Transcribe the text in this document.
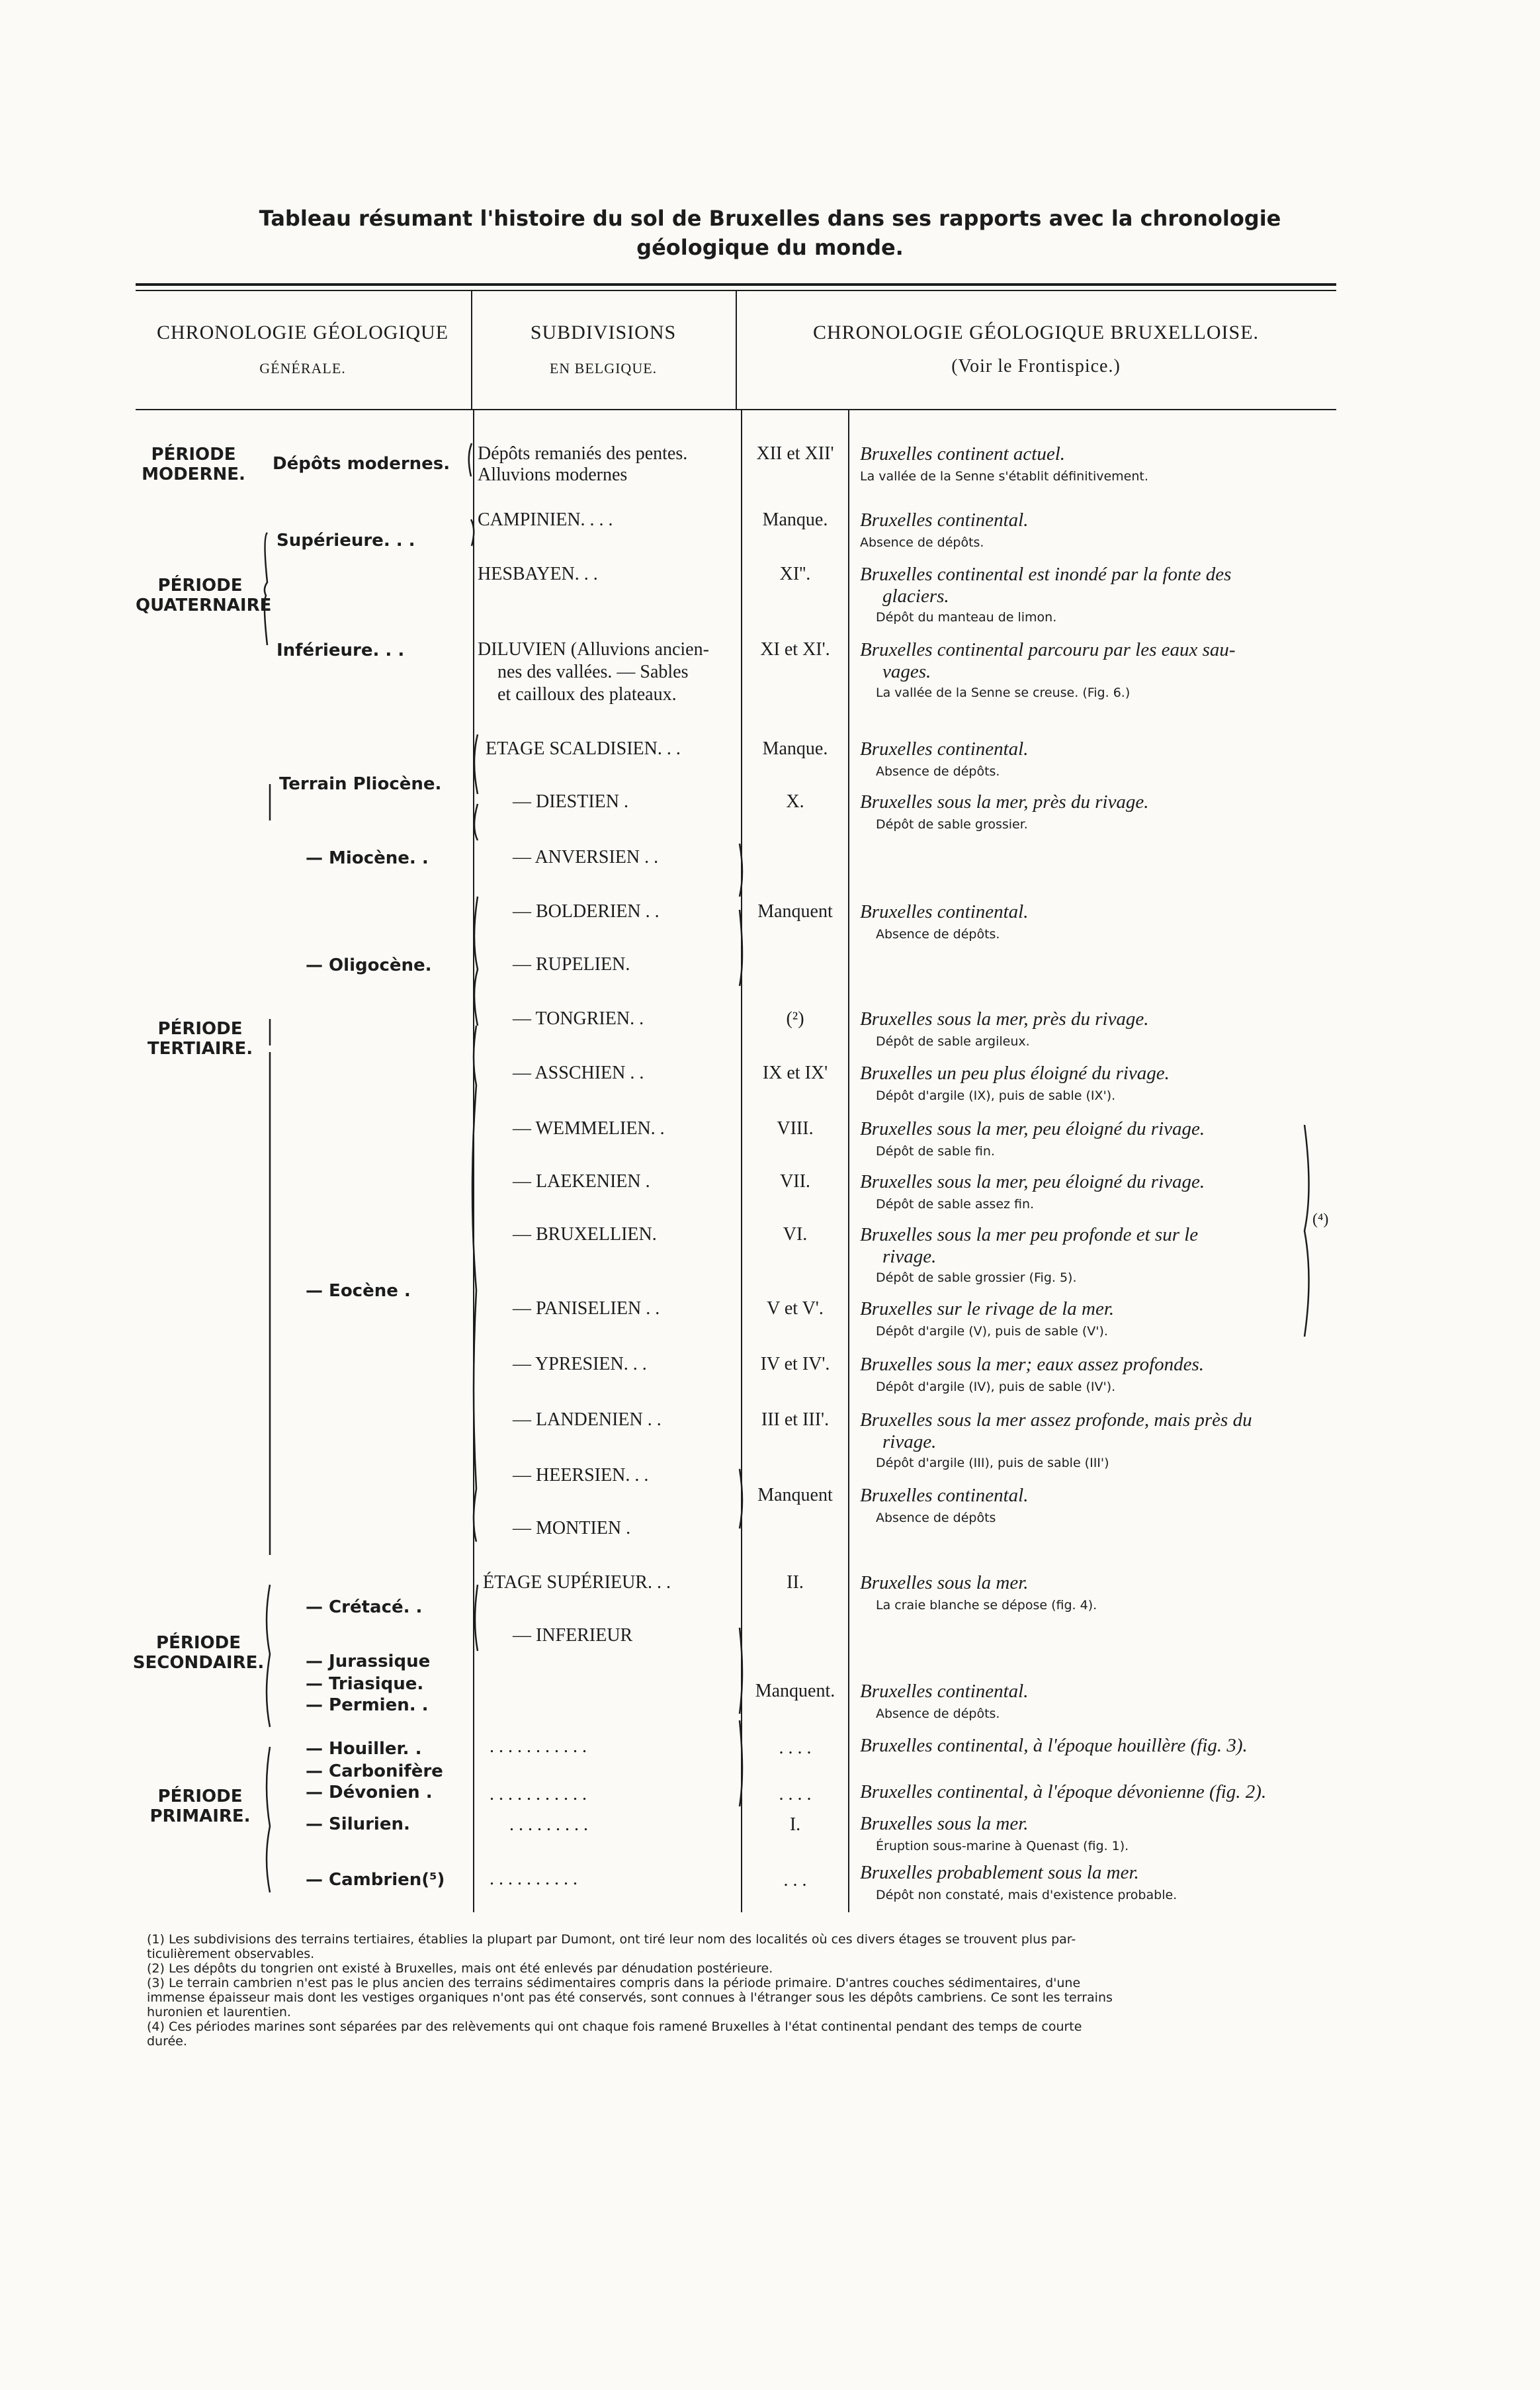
Tableau résumant l'histoire du sol de Bruxelles dans ses rapports avec la chronologie
géologique du monde.
CHRONOLOGIE GÉOLOGIQUE
GÉNÉRALE.
SUBDIVISIONS
EN BELGIQUE.
CHRONOLOGIE GÉOLOGIQUE BRUXELLOISE.
(Voir le Frontispice.)
PÉRIODE
MODERNE.
PÉRIODE
QUATERNAIRE
PÉRIODE
TERTIAIRE.
PÉRIODE
SECONDAIRE.
PÉRIODE
PRIMAIRE.
Dépôts modernes.
Supérieure. . .
Inférieure. . .
Terrain Pliocène.
— Miocène. .
— Oligocène.
— Eocène .
— Crétacé. .
— Jurassique
— Triasique.
— Permien. .
— Houiller. .
— Carbonifère
— Dévonien .
— Silurien.
— Cambrien(⁵)
Dépôts remaniés des pentes.
Alluvions modernes
CAMPINIEN. . . .
HESBAYEN. . .
DILUVIEN (Alluvions ancien-
nes des vallées. — Sables
et cailloux des plateaux.
ETAGE SCALDISIEN. . .
— DIESTIEN .
— ANVERSIEN . .
— BOLDERIEN . .
— RUPELIEN.
— TONGRIEN. .
— ASSCHIEN . .
— WEMMELIEN. .
— LAEKENIEN .
— BRUXELLIEN.
— PANISELIEN . .
— YPRESIEN. . .
— LANDENIEN . .
— HEERSIEN. . .
— MONTIEN .
ÉTAGE SUPÉRIEUR. . .
— INFERIEUR
. . . . . . . . . . .
. . . . . . . . . . .
. . . . . . . . .
. . . . . . . . . .
XII et XII'
Manque.
XI''.
XI et XI'.
Manque.
X.
Manquent
(²)
IX et IX'
VIII.
VII.
VI.
V et V'.
IV et IV'.
III et III'.
Manquent
II.
Manquent.
. . . .
. . . .
I.
. . .
Bruxelles continent actuel.
La vallée de la Senne s'établit définitivement.
Bruxelles continental.
Absence de dépôts.
Bruxelles continental est inondé par la fonte des
glaciers.
Dépôt du manteau de limon.
Bruxelles continental parcouru par les eaux sau-
vages.
La vallée de la Senne se creuse. (Fig. 6.)
Bruxelles continental.
Absence de dépôts.
Bruxelles sous la mer, près du rivage.
Dépôt de sable grossier.
Bruxelles continental.
Absence de dépôts.
Bruxelles sous la mer, près du rivage.
Dépôt de sable argileux.
Bruxelles un peu plus éloigné du rivage.
Dépôt d'argile (IX), puis de sable (IX').
Bruxelles sous la mer, peu éloigné du rivage.
Dépôt de sable fin.
Bruxelles sous la mer, peu éloigné du rivage.
Dépôt de sable assez fin.
Bruxelles sous la mer peu profonde et sur le
rivage.
Dépôt de sable grossier (Fig. 5).
Bruxelles sur le rivage de la mer.
Dépôt d'argile (V), puis de sable (V').
Bruxelles sous la mer; eaux assez profondes.
Dépôt d'argile (IV), puis de sable (IV').
Bruxelles sous la mer assez profonde, mais près du
rivage.
Dépôt d'argile (III), puis de sable (III')
Bruxelles continental.
Absence de dépôts
Bruxelles sous la mer.
La craie blanche se dépose (fig. 4).
Bruxelles continental.
Absence de dépôts.
Bruxelles continental, à l'époque houillère (fig. 3).
Bruxelles continental, à l'époque dévonienne (fig. 2).
Bruxelles sous la mer.
Éruption sous-marine à Quenast (fig. 1).
Bruxelles probablement sous la mer.
Dépôt non constaté, mais d'existence probable.
(⁴)
(1) Les subdivisions des terrains tertiaires, établies la plupart par Dumont, ont tiré leur nom des localités où ces divers étages se trouvent plus par-
ticulièrement observables.
(2) Les dépôts du tongrien ont existé à Bruxelles, mais ont été enlevés par dénudation postérieure.
(3) Le terrain cambrien n'est pas le plus ancien des terrains sédimentaires compris dans la période primaire. D'antres couches sédimentaires, d'une
immense épaisseur mais dont les vestiges organiques n'ont pas été conservés, sont connues à l'étranger sous les dépôts cambriens. Ce sont les terrains
huronien et laurentien.
(4) Ces périodes marines sont séparées par des relèvements qui ont chaque fois ramené Bruxelles à l'état continental pendant des temps de courte
durée.
